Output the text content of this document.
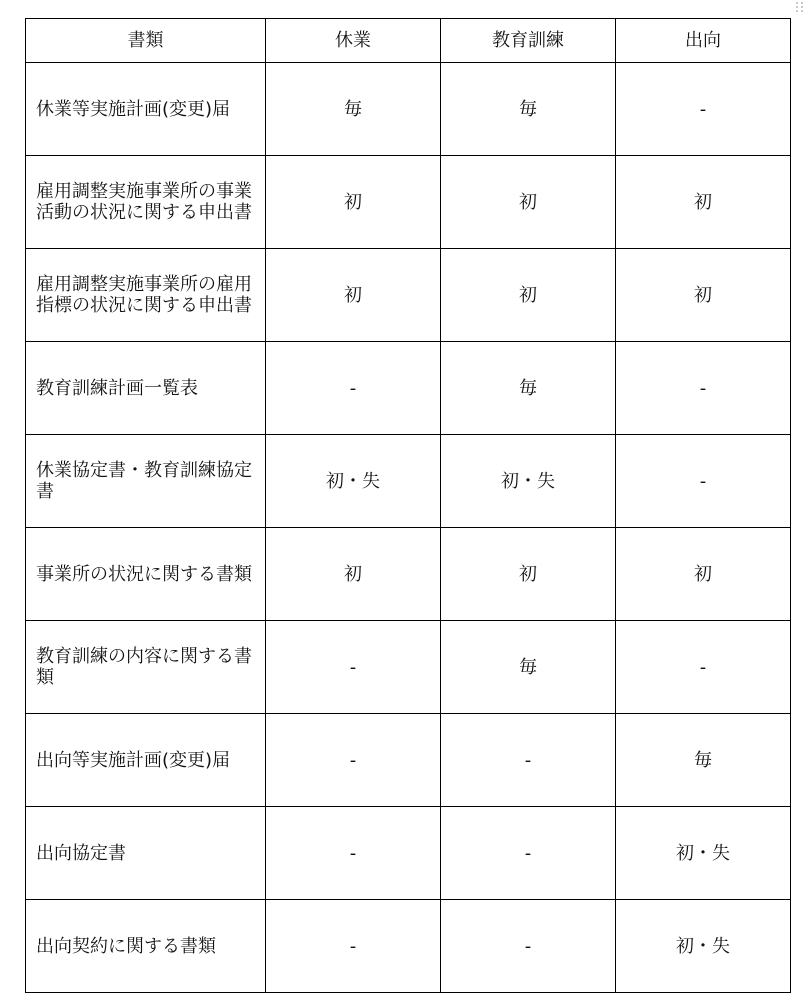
書類	休業	教育訓練	出向
休業等実施計画(変更)届	毎	毎	-
雇用調整実施事業所の事業活動の状況に関する申出書	初	初	初
雇用調整実施事業所の雇用指標の状況に関する申出書	初	初	初
教育訓練計画一覧表	-	毎	-
休業協定書・教育訓練協定書	初・失	初・失	-
事業所の状況に関する書類	初	初	初
教育訓練の内容に関する書類	-	毎	-
出向等実施計画(変更)届	-	-	毎
出向協定書	-	-	初・失
出向契約に関する書類	-	-	初・失
